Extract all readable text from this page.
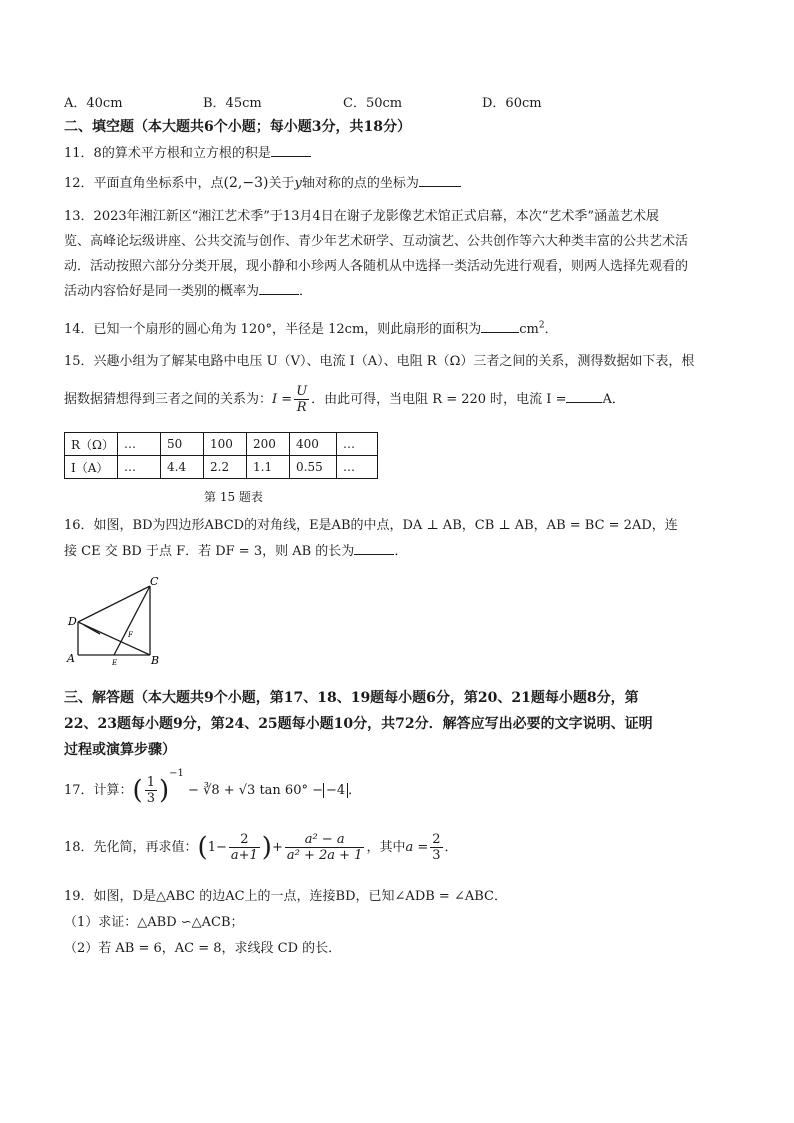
A．40cm	B．45cm	C．50cm	D．60cm
二、填空题（本大题共6个小题；每小题3分，共18分）
11．8的算术平方根和立方根的积是
12．平面直角坐标系中，点(2,−3)关于y轴对称的点的坐标为
13．2023年湘江新区“湘江艺术季”于13月4日在谢子龙影像艺术馆正式启幕，本次“艺术季”涵盖艺术展
览、高峰论坛级讲座、公共交流与创作、青少年艺术研学、互动演艺、公共创作等六大种类丰富的公共艺术活
动．活动按照六部分分类开展，现小静和小珍两人各随机从中选择一类活动先进行观看，则两人选择先观看的
活动内容恰好是同一类别的概率为	．
14．已知一个扇形的圆心角为 120°，半径是 12cm，则此扇形的面积为	$cm^2$．
15．兴趣小组为了解某电路中电压 U（V）、电流 I（A）、电阻 R（Ω）三者之间的关系，测得数据如下表，根
据数据猜想得到三者之间的关系为：$I = \frac{U}{R}$ ．由此可得，当电阻 R = 220 时，电流 I =	A．
R（Ω）	…	50	100	200	400	…
I（A）	…	4.4	2.2	1.1	0.55	…
第 15 题表
16．如图，BD为四边形ABCD的对角线，E是AB的中点，DA ⊥ AB，CB ⊥ AB，AB = BC = 2AD，连
接 CE 交 BD 于点 F．若 DF = 3，则 AB 的长为	．
C
D
A	B
E
F
三、解答题（本大题共9个小题，第17、18、19题每小题6分，第20、21题每小题8分，第
22、23题每小题9分，第24、25题每小题10分，共72分．解答应写出必要的文字说明、证明
过程或演算步骤）
17．计算：( $\frac{1}{3} )^{-1}$ − ∛8 + √3 tan 60° − −4 ．
18．先化简，再求值：($1- \frac{2}{a+1}$ )+ $\frac{\text{a² − a}}{\text{a² + 2a + 1}}$ ，其中$a = \frac{2}{3}$ ．
19．如图，D是△ABC 的边AC上的一点，连接BD，已知∠ADB = ∠ABC．
（1）求证：△ABD ∽△ACB；
（2）若 AB = 6，AC = 8，求线段 CD 的长．
